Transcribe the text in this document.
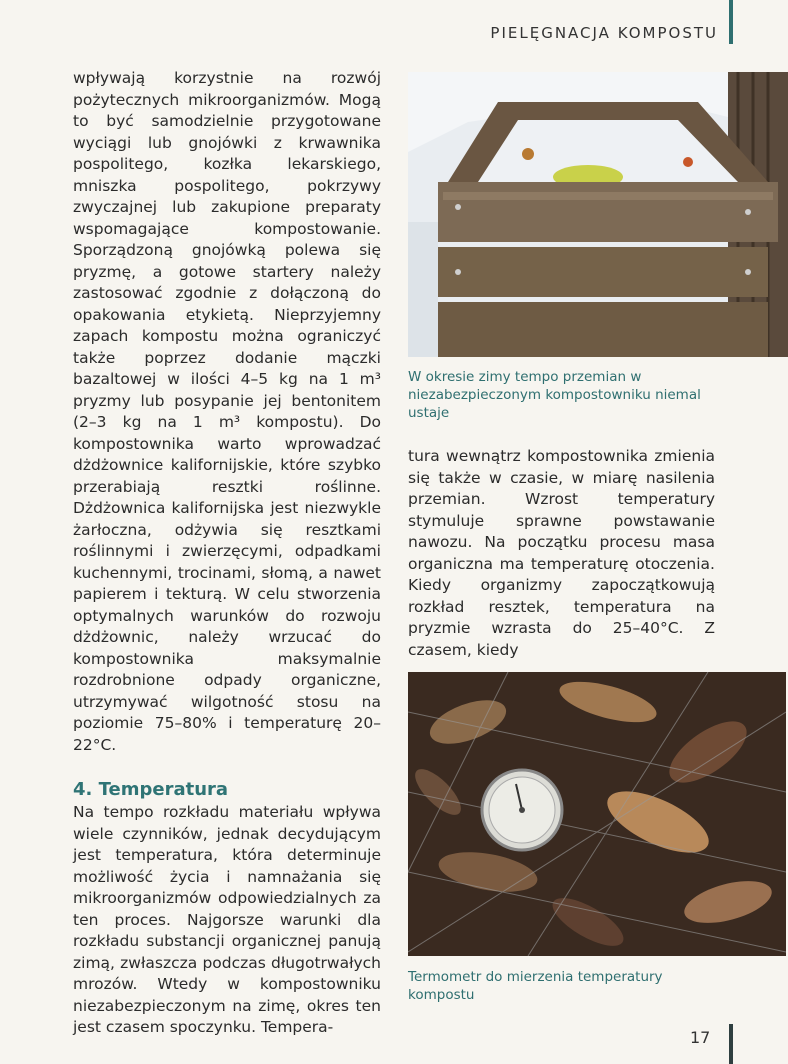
PIELĘGNACJA KOMPOSTU

wpływają korzystnie na rozwój pożytecznych mikroorganizmów. Mogą to być samodzielnie przygotowane wyciągi lub gnojówki z krwawnika pospolitego, kozłka lekarskiego, mniszka pospolitego, pokrzywy zwyczajnej lub zakupione preparaty wspomagające kompostowanie. Sporządzoną gnojówką polewa się pryzmę, a gotowe startery należy zastosować zgodnie z dołączoną do opakowania etykietą. Nieprzyjemny zapach kompostu można ograniczyć także poprzez dodanie mączki bazaltowej w ilości 4–5 kg na 1 m³ pryzmy lub posypanie jej bentonitem (2–3 kg na 1 m³ kompostu). Do kompostownika warto wprowadzać dżdżownice kalifornijskie, które szybko przerabiają resztki roślinne. Dżdżownica kalifornijska jest niezwykle żarłoczna, odżywia się resztkami roślinnymi i zwierzęcymi, odpadkami kuchennymi, trocinami, słomą, a nawet papierem i tekturą. W celu stworzenia optymalnych warunków do rozwoju dżdżownic, należy wrzucać do kompostownika maksymalnie rozdrobnione odpady organiczne, utrzymywać wilgotność stosu na poziomie 75–80% i temperaturę 20–22°C.

4. Temperatura

Na tempo rozkładu materiału wpływa wiele czynników, jednak decydującym jest temperatura, która determinuje możliwość życia i namnażania się mikroorganizmów odpowiedzialnych za ten proces. Najgorsze warunki dla rozkładu substancji organicznej panują zimą, zwłaszcza podczas długotrwałych mrozów. Wtedy w kompostowniku niezabezpieczonym na zimę, okres ten jest czasem spoczynku. Tempera-

W okresie zimy tempo przemian w niezabezpieczonym kompostowniku niemal ustaje

tura wewnątrz kompostownika zmienia się także w czasie, w miarę nasilenia przemian. Wzrost temperatury stymuluje sprawne powstawanie nawozu. Na początku procesu masa organiczna ma temperaturę otoczenia. Kiedy organizmy zapoczątkowują rozkład resztek, temperatura na pryzmie wzrasta do 25–40°C. Z czasem, kiedy

Termometr do mierzenia temperatury kompostu
17
